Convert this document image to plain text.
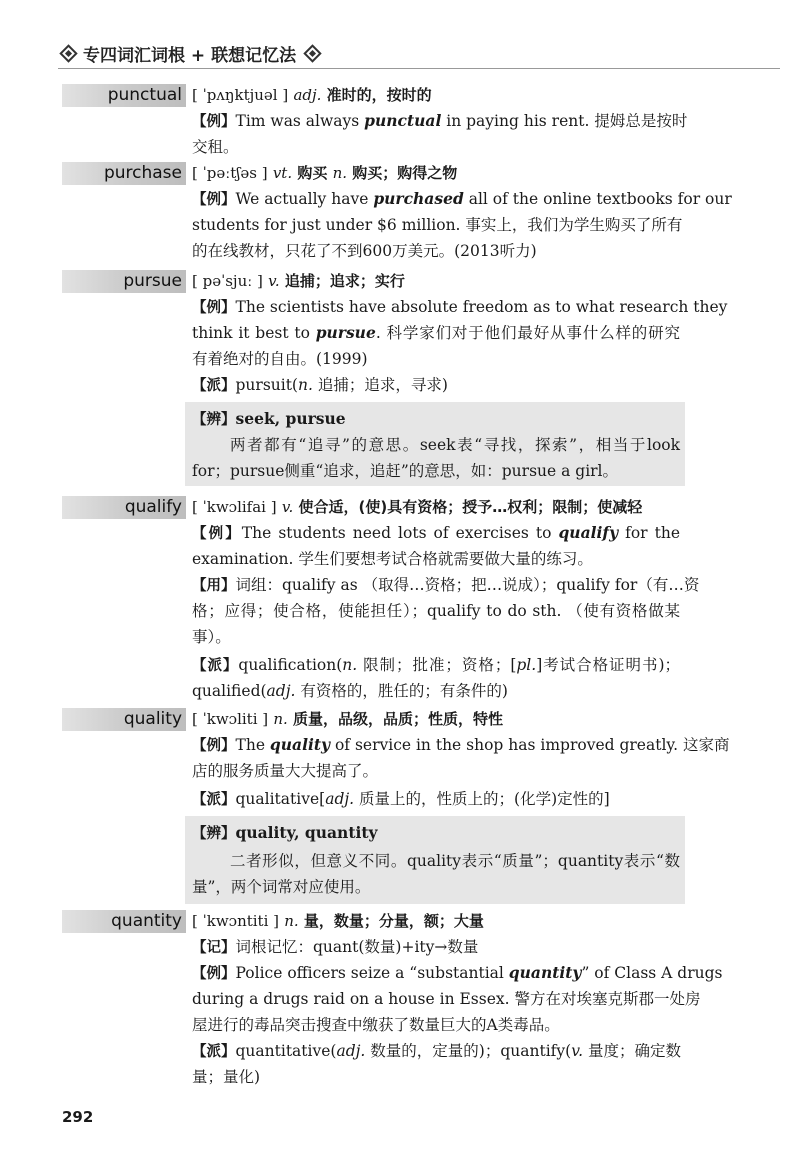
专四词汇词根 + 联想记忆法
punctual [ ˈpʌŋktjuəl ] adj. 准时的，按时的
【例】Tim was always punctual in paying his rent. 提姆总是按时
交租。
purchase [ ˈpəːtʃəs ] vt. 购买 n. 购买；购得之物
【例】We actually have purchased all of the online textbooks for our
students for just under $6 million. 事实上，我们为学生购买了所有
的在线教材，只花了不到600万美元。(2013听力)
pursue [ pəˈsjuː ] v. 追捕；追求；实行
【例】The scientists have absolute freedom as to what research they
think it best to pursue. 科学家们对于他们最好从事什么样的研究
有着绝对的自由。(1999)
【派】pursuit(n. 追捕；追求，寻求)
【辨】seek, pursue
两者都有“追寻”的意思。seek表“寻找，探索”，相当于look
for；pursue侧重“追求，追赶”的意思，如：pursue a girl。
qualify [ ˈkwɔlifai ] v. 使合适，(使)具有资格；授予…权利；限制；使减轻
【例】The students need lots of exercises to qualify for the
examination. 学生们要想考试合格就需要做大量的练习。
【用】词组：qualify as （取得…资格；把…说成）；qualify for（有…资
格；应得；使合格，使能担任）；qualify to do sth. （使有资格做某
事）。
【派】qualification(n. 限制；批准；资格；[pl.]考试合格证明书)；
qualified(adj. 有资格的，胜任的；有条件的)
quality [ ˈkwɔliti ] n. 质量，品级，品质；性质，特性
【例】The quality of service in the shop has improved greatly. 这家商
店的服务质量大大提高了。
【派】qualitative[adj. 质量上的，性质上的；(化学)定性的]
【辨】quality, quantity
二者形似，但意义不同。quality表示“质量”；quantity表示“数
量”，两个词常对应使用。
quantity [ ˈkwɔntiti ] n. 量，数量；分量，额；大量
【记】词根记忆：quant(数量)+ity→数量
【例】Police officers seize a “substantial quantity” of Class A drugs
during a drugs raid on a house in Essex. 警方在对埃塞克斯郡一处房
屋进行的毒品突击搜查中缴获了数量巨大的A类毒品。
【派】quantitative(adj. 数量的，定量的)；quantify(v. 量度；确定数
量；量化)
292
